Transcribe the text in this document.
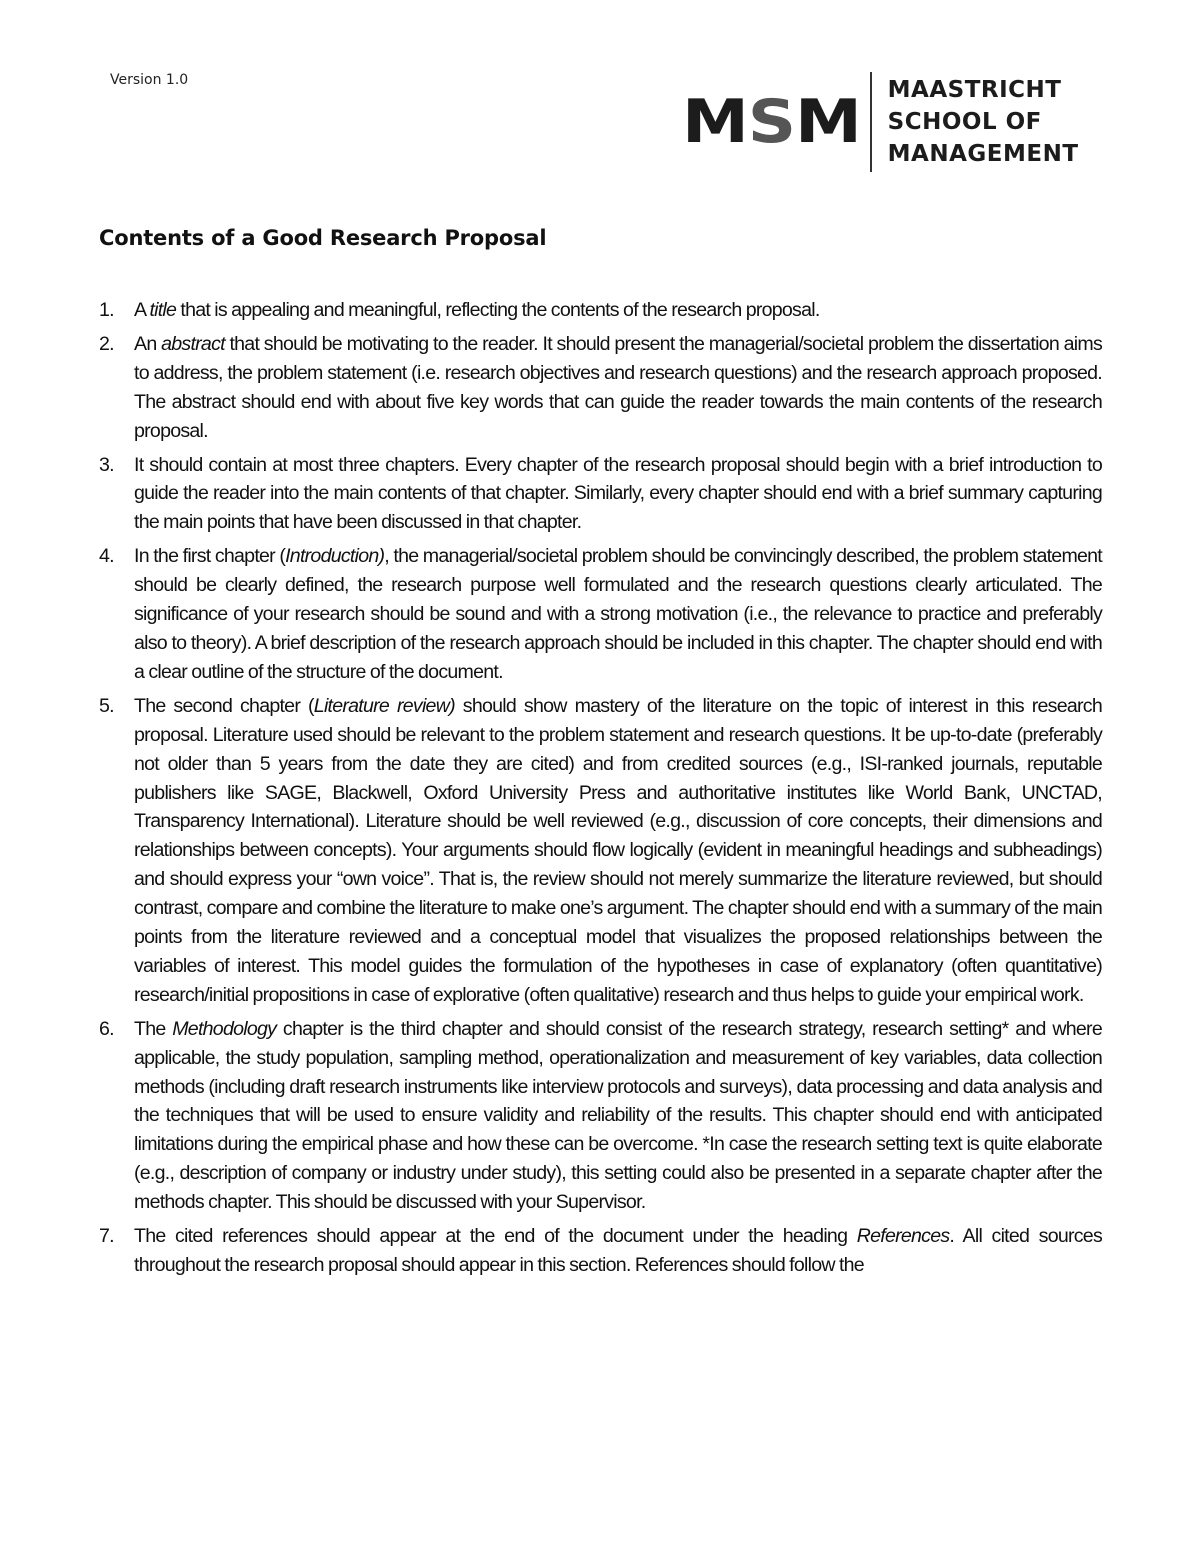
Version 1.0
MSM MAASTRICHT
SCHOOL OF
MANAGEMENT
Contents of a Good Research Proposal
1. A title that is appealing and meaningful, reflecting the contents of the research proposal.
2. An abstract that should be motivating to the reader. It should present the managerial/societal problem the dissertation aims to address, the problem statement (i.e. research objectives and research questions) and the research approach proposed. The abstract should end with about five key words that can guide the reader towards the main contents of the research proposal.
3. It should contain at most three chapters. Every chapter of the research proposal should begin with a brief introduction to guide the reader into the main contents of that chapter. Similarly, every chapter should end with a brief summary capturing the main points that have been discussed in that chapter.
4. In the first chapter (Introduction), the managerial/societal problem should be convincingly described, the problem statement should be clearly defined, the research purpose well formulated and the research questions clearly articulated. The significance of your research should be sound and with a strong motivation (i.e., the relevance to practice and preferably also to theory). A brief description of the research approach should be included in this chapter. The chapter should end with a clear outline of the structure of the document.
5. The second chapter (Literature review) should show mastery of the literature on the topic of interest in this research proposal. Literature used should be relevant to the problem statement and research questions. It be up-to-date (preferably not older than 5 years from the date they are cited) and from credited sources (e.g., ISI-ranked journals, reputable publishers like SAGE, Blackwell, Oxford University Press and authoritative institutes like World Bank, UNCTAD, Transparency International). Literature should be well reviewed (e.g., discussion of core concepts, their dimensions and relationships between concepts). Your arguments should flow logically (evident in meaningful headings and subheadings) and should express your “own voice”. That is, the review should not merely summarize the literature reviewed, but should contrast, compare and combine the literature to make one’s argument. The chapter should end with a summary of the main points from the literature reviewed and a conceptual model that visualizes the proposed relationships between the variables of interest. This model guides the formulation of the hypotheses in case of explanatory (often quantitative) research/initial propositions in case of explorative (often qualitative) research and thus helps to guide your empirical work.
6. The Methodology chapter is the third chapter and should consist of the research strategy, research setting* and where applicable, the study population, sampling method, operationalization and measurement of key variables, data collection methods (including draft research instruments like interview protocols and surveys), data processing and data analysis and the techniques that will be used to ensure validity and reliability of the results. This chapter should end with anticipated limitations during the empirical phase and how these can be overcome. *In case the research setting text is quite elaborate (e.g., description of company or industry under study), this setting could also be presented in a separate chapter after the methods chapter. This should be discussed with your Supervisor.
7. The cited references should appear at the end of the document under the heading References. All cited sources throughout the research proposal should appear in this section. References should follow the
